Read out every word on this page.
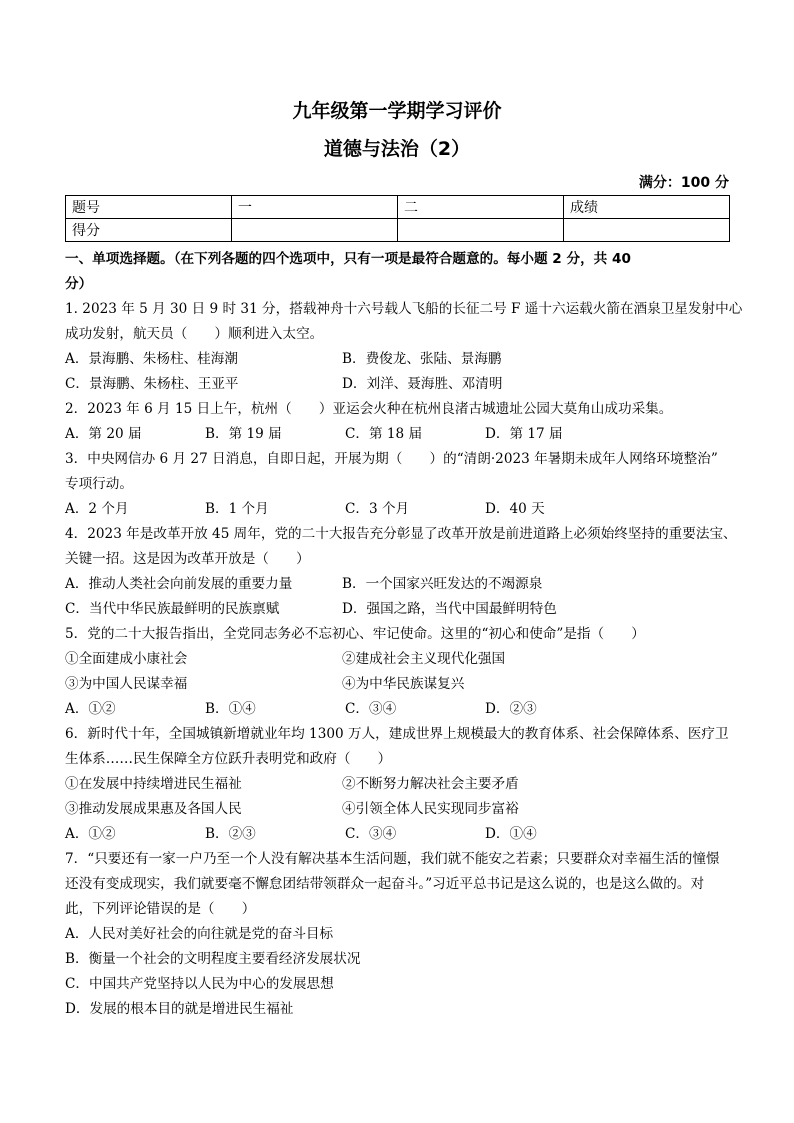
九年级第一学期学习评价
道德与法治（2）
满分：100 分
题号	一	二	成绩
得分			
一、单项选择题。（在下列各题的四个选项中，只有一项是最符合题意的。每小题 2 分，共 40
分）
1. 2023 年 5 月 30 日 9 时 31 分，搭载神舟十六号载人飞船的长征二号 F 遥十六运载火箭在酒泉卫星发射中心
成功发射，航天员（　　）顺利进入太空。
A．景海鹏、朱杨柱、桂海潮	B．费俊龙、张陆、景海鹏
C．景海鹏、朱杨柱、王亚平	D．刘洋、聂海胜、邓清明
2．2023 年 6 月 15 日上午，杭州（　　）亚运会火种在杭州良渚古城遗址公园大莫角山成功采集。
A．第 20 届	B．第 19 届	C．第 18 届	D．第 17 届
3．中央网信办 6 月 27 日消息，自即日起，开展为期（　　）的“清朗·2023 年暑期未成年人网络环境整治”
专项行动。
A．2 个月	B．1 个月	C．3 个月	D．40 天
4．2023 年是改革开放 45 周年，党的二十大报告充分彰显了改革开放是前进道路上必须始终坚持的重要法宝、
关键一招。这是因为改革开放是（　　）
A．推动人类社会向前发展的重要力量	B．一个国家兴旺发达的不竭源泉
C．当代中华民族最鲜明的民族禀赋	D．强国之路，当代中国最鲜明特色
5．党的二十大报告指出，全党同志务必不忘初心、牢记使命。这里的“初心和使命”是指（　　）
①全面建成小康社会	②建成社会主义现代化强国
③为中国人民谋幸福	④为中华民族谋复兴
A．①②	B．①④	C．③④	D．②③
6．新时代十年，全国城镇新增就业年均 1300 万人，建成世界上规模最大的教育体系、社会保障体系、医疗卫
生体系……民生保障全方位跃升表明党和政府（　　）
①在发展中持续增进民生福祉	②不断努力解决社会主要矛盾
③推动发展成果惠及各国人民	④引领全体人民实现同步富裕
A．①②	B．②③	C．③④	D．①④
7．“只要还有一家一户乃至一个人没有解决基本生活问题，我们就不能安之若素；只要群众对幸福生活的憧憬
还没有变成现实，我们就要毫不懈怠团结带领群众一起奋斗。”习近平总书记是这么说的，也是这么做的。对
此，下列评论错误的是（　　）
A．人民对美好社会的向往就是党的奋斗目标
B．衡量一个社会的文明程度主要看经济发展状况
C．中国共产党坚持以人民为中心的发展思想
D．发展的根本目的就是增进民生福祉
